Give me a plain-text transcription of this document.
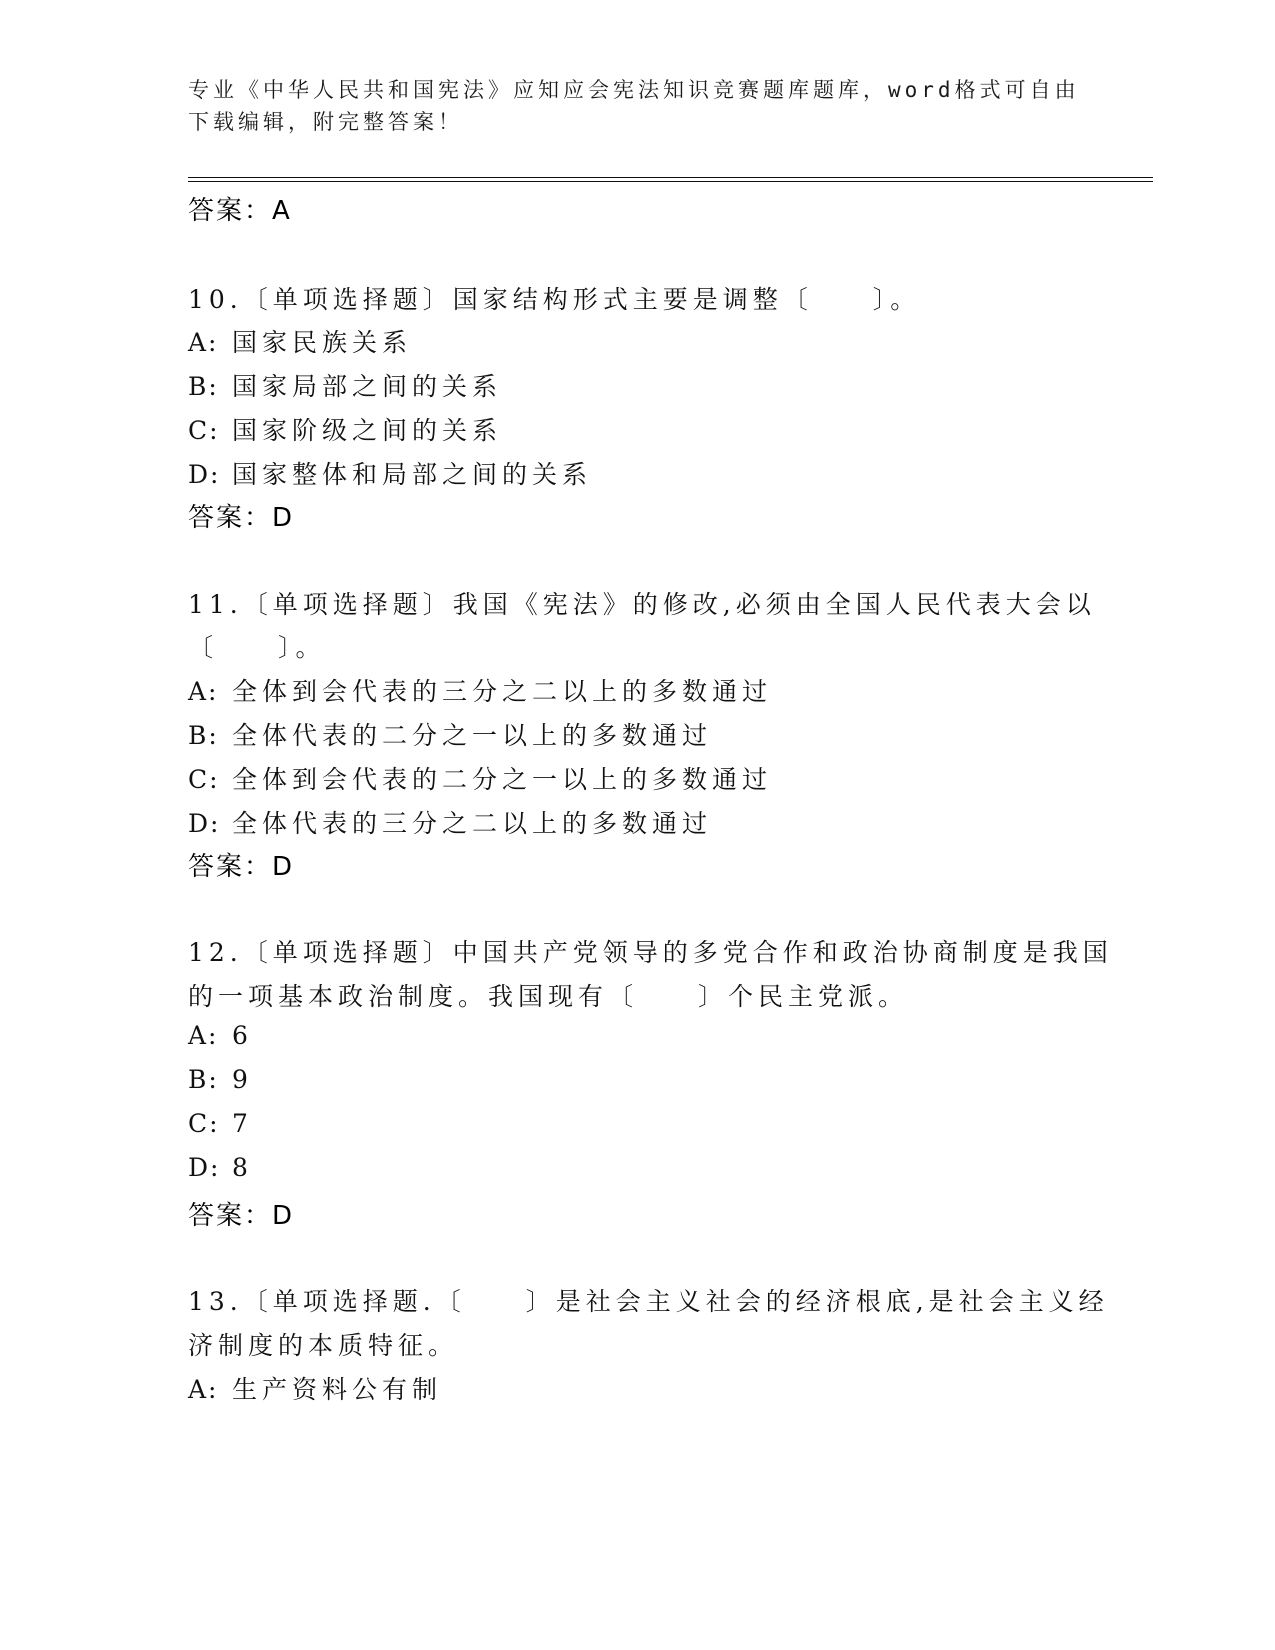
专业《中华人民共和国宪法》应知应会宪法知识竞赛题库题库，word格式可自由
下载编辑，附完整答案！
答案：A
10.〔单项选择题〕国家结构形式主要是调整〔　　〕。
A: 国家民族关系
B: 国家局部之间的关系
C: 国家阶级之间的关系
D: 国家整体和局部之间的关系
答案：D
11.〔单项选择题〕我国《宪法》的修改,必须由全国人民代表大会以
〔　　〕。
A: 全体到会代表的三分之二以上的多数通过
B: 全体代表的二分之一以上的多数通过
C: 全体到会代表的二分之一以上的多数通过
D: 全体代表的三分之二以上的多数通过
答案：D
12.〔单项选择题〕中国共产党领导的多党合作和政治协商制度是我国
的一项基本政治制度。我国现有〔　　〕个民主党派。
A: 6
B: 9
C: 7
D: 8
答案：D
13.〔单项选择题.〔　　〕是社会主义社会的经济根底,是社会主义经
济制度的本质特征。
A: 生产资料公有制
